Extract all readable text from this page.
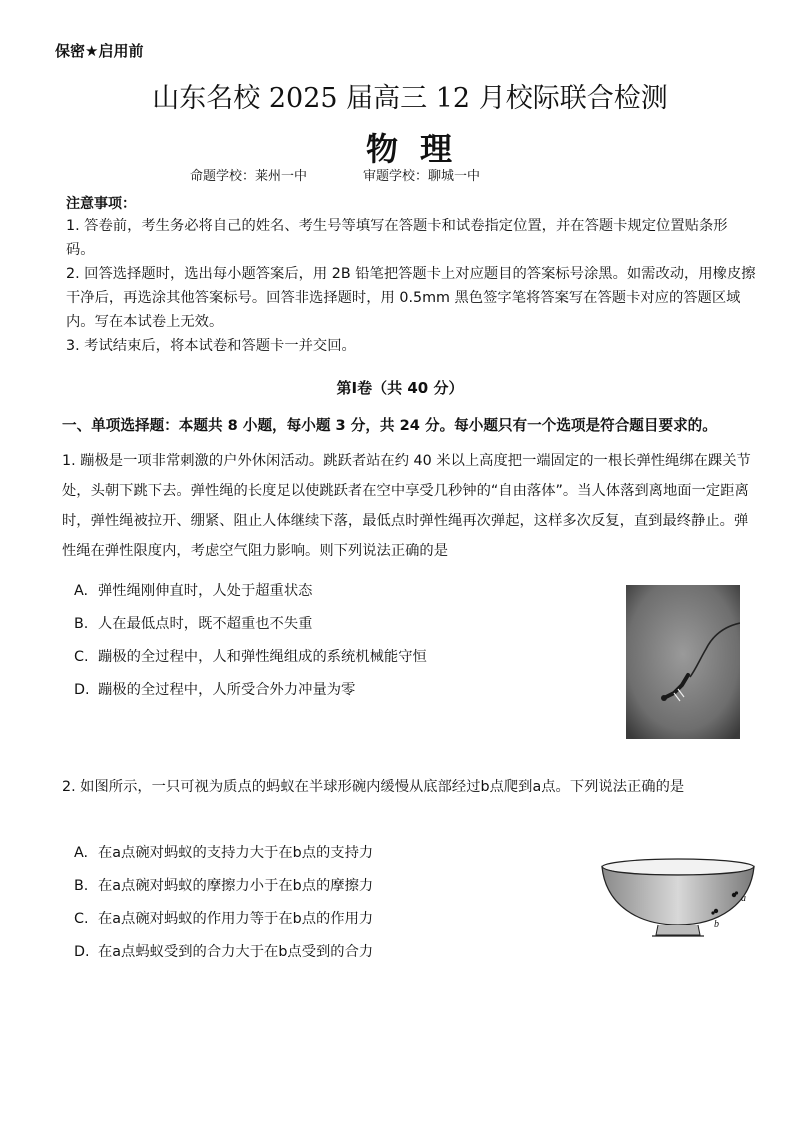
保密★启用前
山东名校 2025 届高三 12 月校际联合检测
物理
命题学校：莱州一中	审题学校：聊城一中
注意事项：
1. 答卷前，考生务必将自己的姓名、考生号等填写在答题卡和试卷指定位置，并在答题卡规定位置贴条形码。
2. 回答选择题时，选出每小题答案后，用 2B 铅笔把答题卡上对应题目的答案标号涂黑。如需改动，用橡皮擦干净后，再选涂其他答案标号。回答非选择题时，用 0.5mm 黑色签字笔将答案写在答题卡对应的答题区域内。写在本试卷上无效。
3. 考试结束后，将本试卷和答题卡一并交回。
第Ⅰ卷（共 40 分）
一、单项选择题：本题共 8 小题，每小题 3 分，共 24 分。每小题只有一个选项是符合题目要求的。
1. 蹦极是一项非常刺激的户外休闲活动。跳跃者站在约 40 米以上高度把一端固定的一根长弹性绳绑在踝关节处，头朝下跳下去。弹性绳的长度足以使跳跃者在空中享受几秒钟的“自由落体”。当人体落到离地面一定距离时，弹性绳被拉开、绷紧、阻止人体继续下落，最低点时弹性绳再次弹起，这样多次反复，直到最终静止。弹性绳在弹性限度内，考虑空气阻力影响。则下列说法正确的是
A. 弹性绳刚伸直时，人处于超重状态
B. 人在最低点时，既不超重也不失重
C. 蹦极的全过程中，人和弹性绳组成的系统机械能守恒
D. 蹦极的全过程中，人所受合外力冲量为零
2. 如图所示，一只可视为质点的蚂蚁在半球形碗内缓慢从底部经过b点爬到a点。下列说法正确的是
A. 在a点碗对蚂蚁的支持力大于在b点的支持力
B. 在a点碗对蚂蚁的摩擦力小于在b点的摩擦力
C. 在a点碗对蚂蚁的作用力等于在b点的作用力
D. 在a点蚂蚁受到的合力大于在b点受到的合力
a
b
